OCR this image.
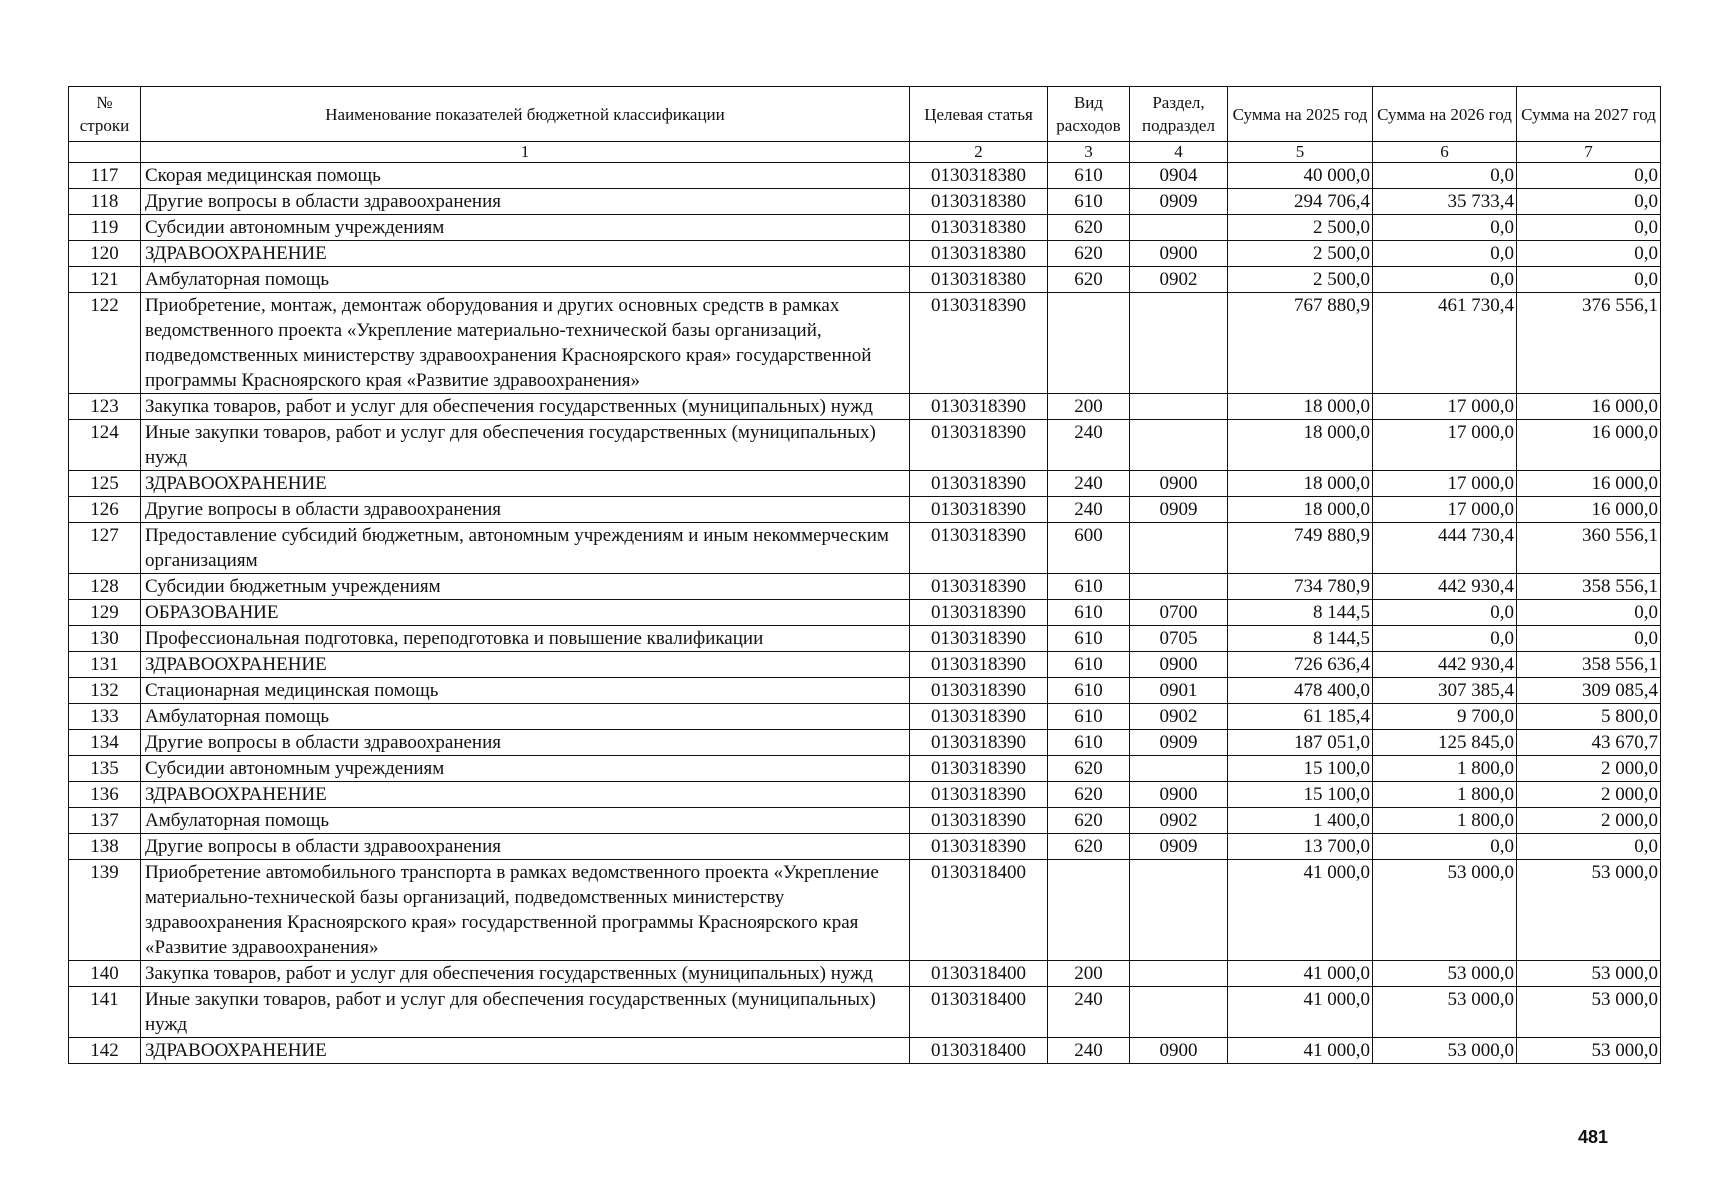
№ строки	Наименование показателей бюджетной классификации	Целевая статья	Вид расходов	Раздел, подраздел	Сумма на 2025 год	Сумма на 2026 год	Сумма на 2027 год
	1	2	3	4	5	6	7
117	Скорая медицинская помощь	0130318380	610	0904	40 000,0	0,0	0,0
118	Другие вопросы в области здравоохранения	0130318380	610	0909	294 706,4	35 733,4	0,0
119	Субсидии автономным учреждениям	0130318380	620		2 500,0	0,0	0,0
120	ЗДРАВООХРАНЕНИЕ	0130318380	620	0900	2 500,0	0,0	0,0
121	Амбулаторная помощь	0130318380	620	0902	2 500,0	0,0	0,0
122	Приобретение, монтаж, демонтаж оборудования и других основных средств в рамках ведомственного проекта «Укрепление материально-технической базы организаций, подведомственных министерству здравоохранения Красноярского края» государственной программы Красноярского края «Развитие здравоохранения»	0130318390			767 880,9	461 730,4	376 556,1
123	Закупка товаров, работ и услуг для обеспечения государственных (муниципальных) нужд	0130318390	200		18 000,0	17 000,0	16 000,0
124	Иные закупки товаров, работ и услуг для обеспечения государственных (муниципальных) нужд	0130318390	240		18 000,0	17 000,0	16 000,0
125	ЗДРАВООХРАНЕНИЕ	0130318390	240	0900	18 000,0	17 000,0	16 000,0
126	Другие вопросы в области здравоохранения	0130318390	240	0909	18 000,0	17 000,0	16 000,0
127	Предоставление субсидий бюджетным, автономным учреждениям и иным некоммерческим организациям	0130318390	600		749 880,9	444 730,4	360 556,1
128	Субсидии бюджетным учреждениям	0130318390	610		734 780,9	442 930,4	358 556,1
129	ОБРАЗОВАНИЕ	0130318390	610	0700	8 144,5	0,0	0,0
130	Профессиональная подготовка, переподготовка и повышение квалификации	0130318390	610	0705	8 144,5	0,0	0,0
131	ЗДРАВООХРАНЕНИЕ	0130318390	610	0900	726 636,4	442 930,4	358 556,1
132	Стационарная медицинская помощь	0130318390	610	0901	478 400,0	307 385,4	309 085,4
133	Амбулаторная помощь	0130318390	610	0902	61 185,4	9 700,0	5 800,0
134	Другие вопросы в области здравоохранения	0130318390	610	0909	187 051,0	125 845,0	43 670,7
135	Субсидии автономным учреждениям	0130318390	620		15 100,0	1 800,0	2 000,0
136	ЗДРАВООХРАНЕНИЕ	0130318390	620	0900	15 100,0	1 800,0	2 000,0
137	Амбулаторная помощь	0130318390	620	0902	1 400,0	1 800,0	2 000,0
138	Другие вопросы в области здравоохранения	0130318390	620	0909	13 700,0	0,0	0,0
139	Приобретение автомобильного транспорта в рамках ведомственного проекта «Укрепление материально-технической базы организаций, подведомственных министерству здравоохранения Красноярского края» государственной программы Красноярского края «Развитие здравоохранения»	0130318400			41 000,0	53 000,0	53 000,0
140	Закупка товаров, работ и услуг для обеспечения государственных (муниципальных) нужд	0130318400	200		41 000,0	53 000,0	53 000,0
141	Иные закупки товаров, работ и услуг для обеспечения государственных (муниципальных) нужд	0130318400	240		41 000,0	53 000,0	53 000,0
142	ЗДРАВООХРАНЕНИЕ	0130318400	240	0900	41 000,0	53 000,0	53 000,0
481
